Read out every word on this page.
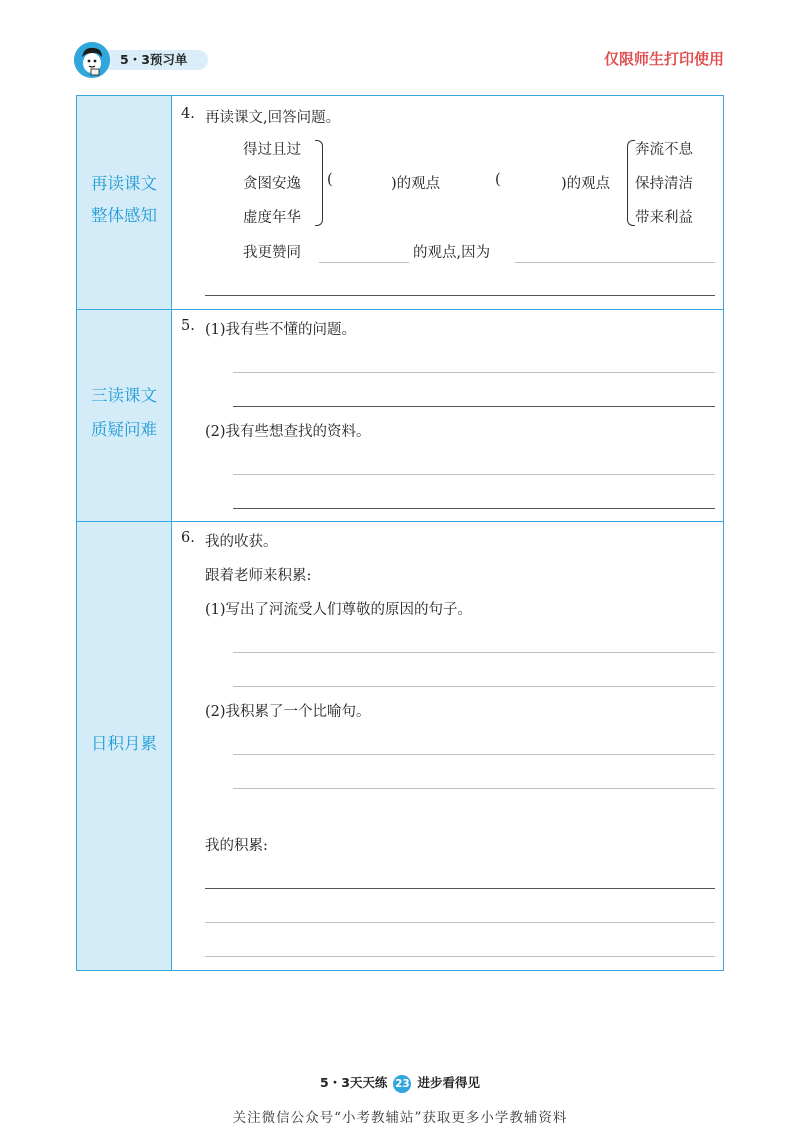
5・3预习单	仅限师生打印使用
再读课文
整体感知
4. 再读课文,回答问题。
得过且过
贪图安逸
虚度年华
(	)的观点	(	)的观点
奔流不息
保持清洁
带来利益
我更赞同	的观点,因为
三读课文
质疑问难
5. (1)我有些不懂的问题。
(2)我有些想查找的资料。
日积月累
6. 我的收获。
跟着老师来积累:
(1)写出了河流受人们尊敬的原因的句子。
(2)我积累了一个比喻句。
我的积累:
5・3天天练 23 进步看得见
关注微信公众号“小考教辅站”获取更多小学教辅资料
